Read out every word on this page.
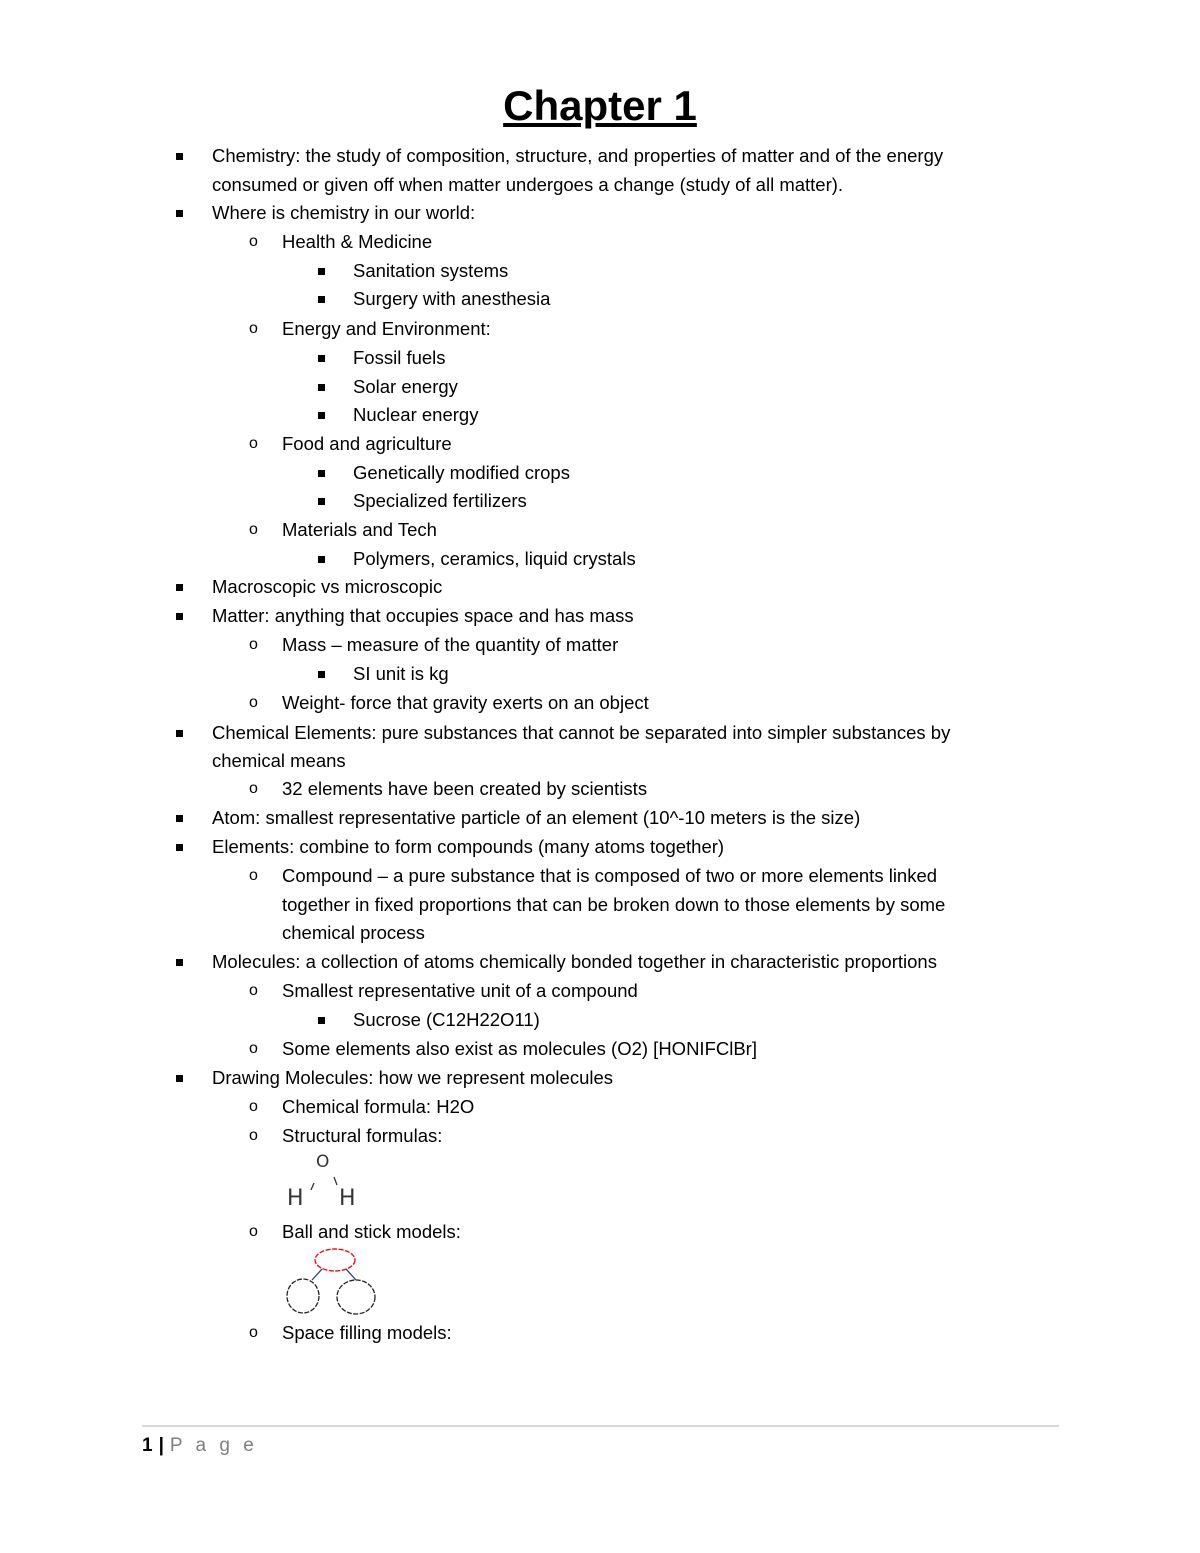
Chapter 1
Chemistry: the study of composition, structure, and properties of matter and of the energy
consumed or given off when matter undergoes a change (study of all matter).
Where is chemistry in our world:
o Health & Medicine
Sanitation systems
Surgery with anesthesia
o Energy and Environment:
Fossil fuels
Solar energy
Nuclear energy
o Food and agriculture
Genetically modified crops
Specialized fertilizers
o Materials and Tech
Polymers, ceramics, liquid crystals
Macroscopic vs microscopic
Matter: anything that occupies space and has mass
o Mass – measure of the quantity of matter
SI unit is kg
o Weight- force that gravity exerts on an object
Chemical Elements: pure substances that cannot be separated into simpler substances by
chemical means
o 32 elements have been created by scientists
Atom: smallest representative particle of an element (10^-10 meters is the size)
Elements: combine to form compounds (many atoms together)
o Compound – a pure substance that is composed of two or more elements linked
together in fixed proportions that can be broken down to those elements by some
chemical process
Molecules: a collection of atoms chemically bonded together in characteristic proportions
o Smallest representative unit of a compound
Sucrose (C12H22O11)
o Some elements also exist as molecules (O2) [HONIFClBr]
Drawing Molecules: how we represent molecules
o Chemical formula: H2O
o Structural formulas:
o Ball and stick models:
o Space filling models:
O
H H
1 | P a g e
